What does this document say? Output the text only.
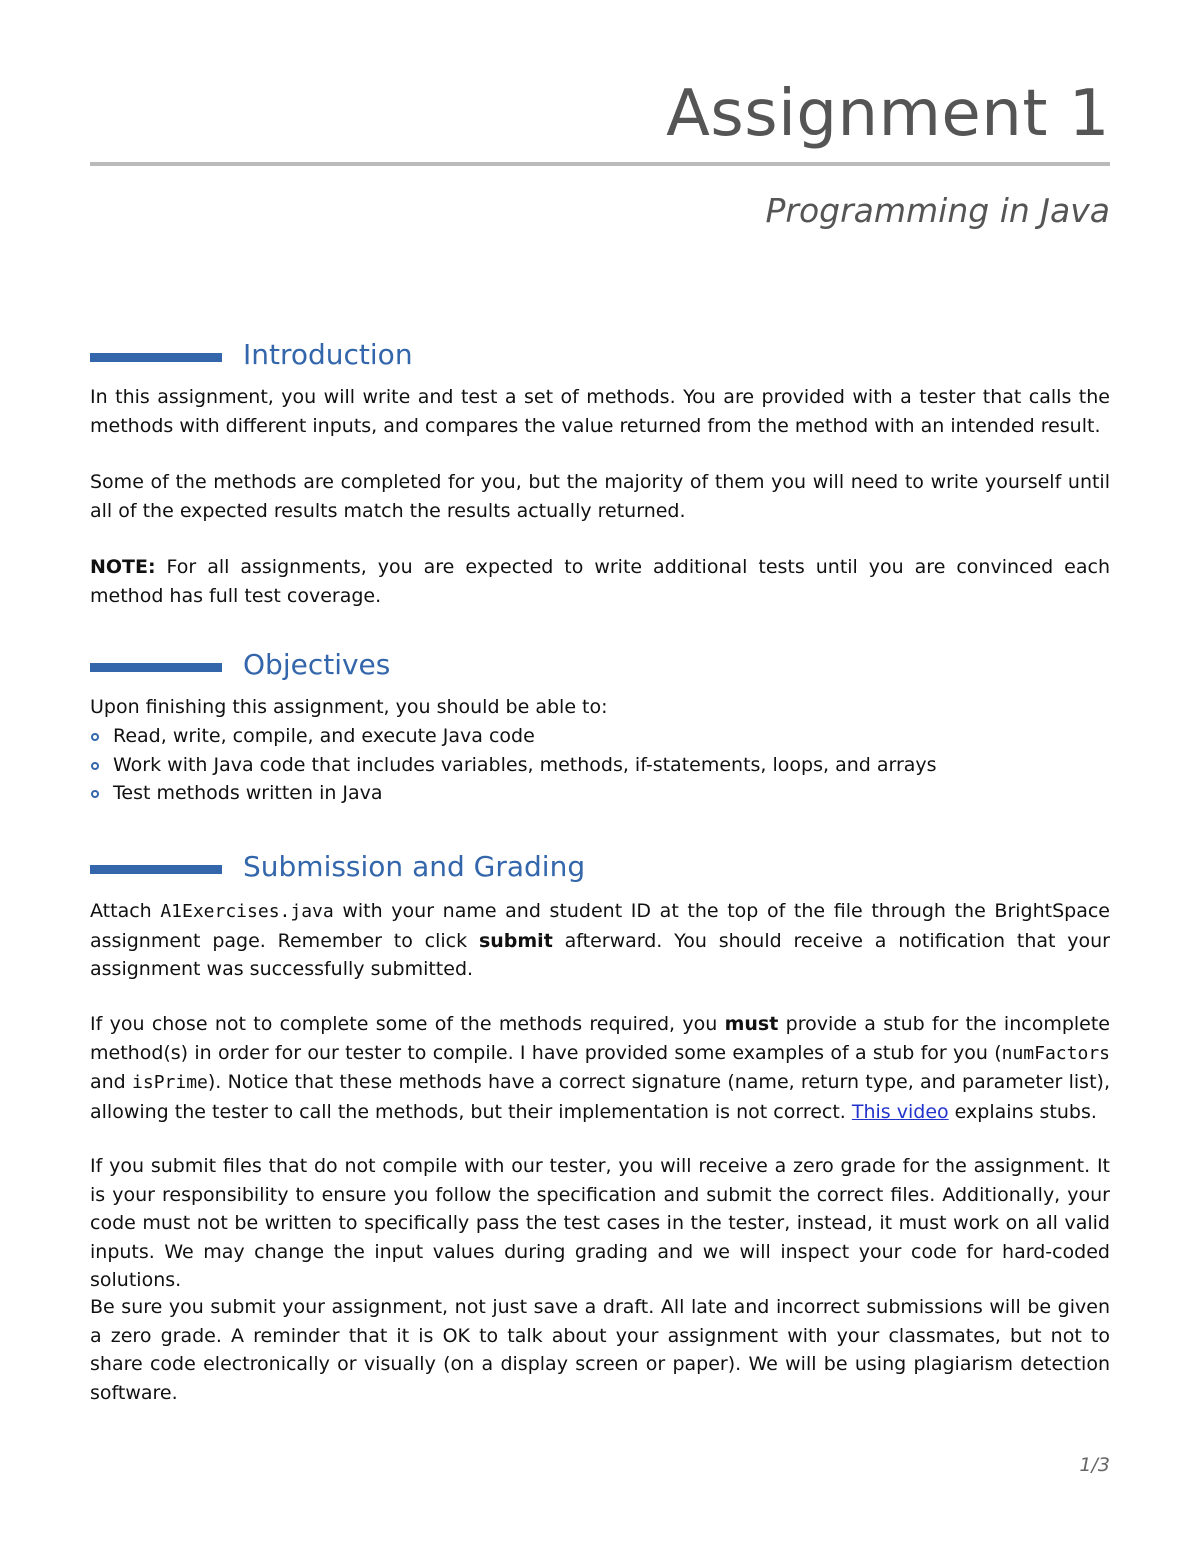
Assignment 1
Programming in Java
Introduction
In this assignment, you will write and test a set of methods. You are provided with a tester that calls the methods with different inputs, and compares the value returned from the method with an intended result.
Some of the methods are completed for you, but the majority of them you will need to write yourself until all of the expected results match the results actually returned.
NOTE: For all assignments, you are expected to write additional tests until you are convinced each method has full test coverage.
Objectives
Upon finishing this assignment, you should be able to:
Read, write, compile, and execute Java code
Work with Java code that includes variables, methods, if-statements, loops, and arrays
Test methods written in Java
Submission and Grading
Attach A1Exercises.java with your name and student ID at the top of the file through the BrightSpace assignment page. Remember to click submit afterward. You should receive a notification that your assignment was successfully submitted.
If you chose not to complete some of the methods required, you must provide a stub for the incomplete method(s) in order for our tester to compile. I have provided some examples of a stub for you (numFactors and isPrime). Notice that these methods have a correct signature (name, return type, and parameter list), allowing the tester to call the methods, but their implementation is not correct. This video explains stubs.
If you submit files that do not compile with our tester, you will receive a zero grade for the assignment. It is your responsibility to ensure you follow the specification and submit the correct files. Additionally, your code must not be written to specifically pass the test cases in the tester, instead, it must work on all valid inputs. We may change the input values during grading and we will inspect your code for hard-coded solutions.
Be sure you submit your assignment, not just save a draft. All late and incorrect submissions will be given a zero grade. A reminder that it is OK to talk about your assignment with your classmates, but not to share code electronically or visually (on a display screen or paper). We will be using plagiarism detection software.
1/3
